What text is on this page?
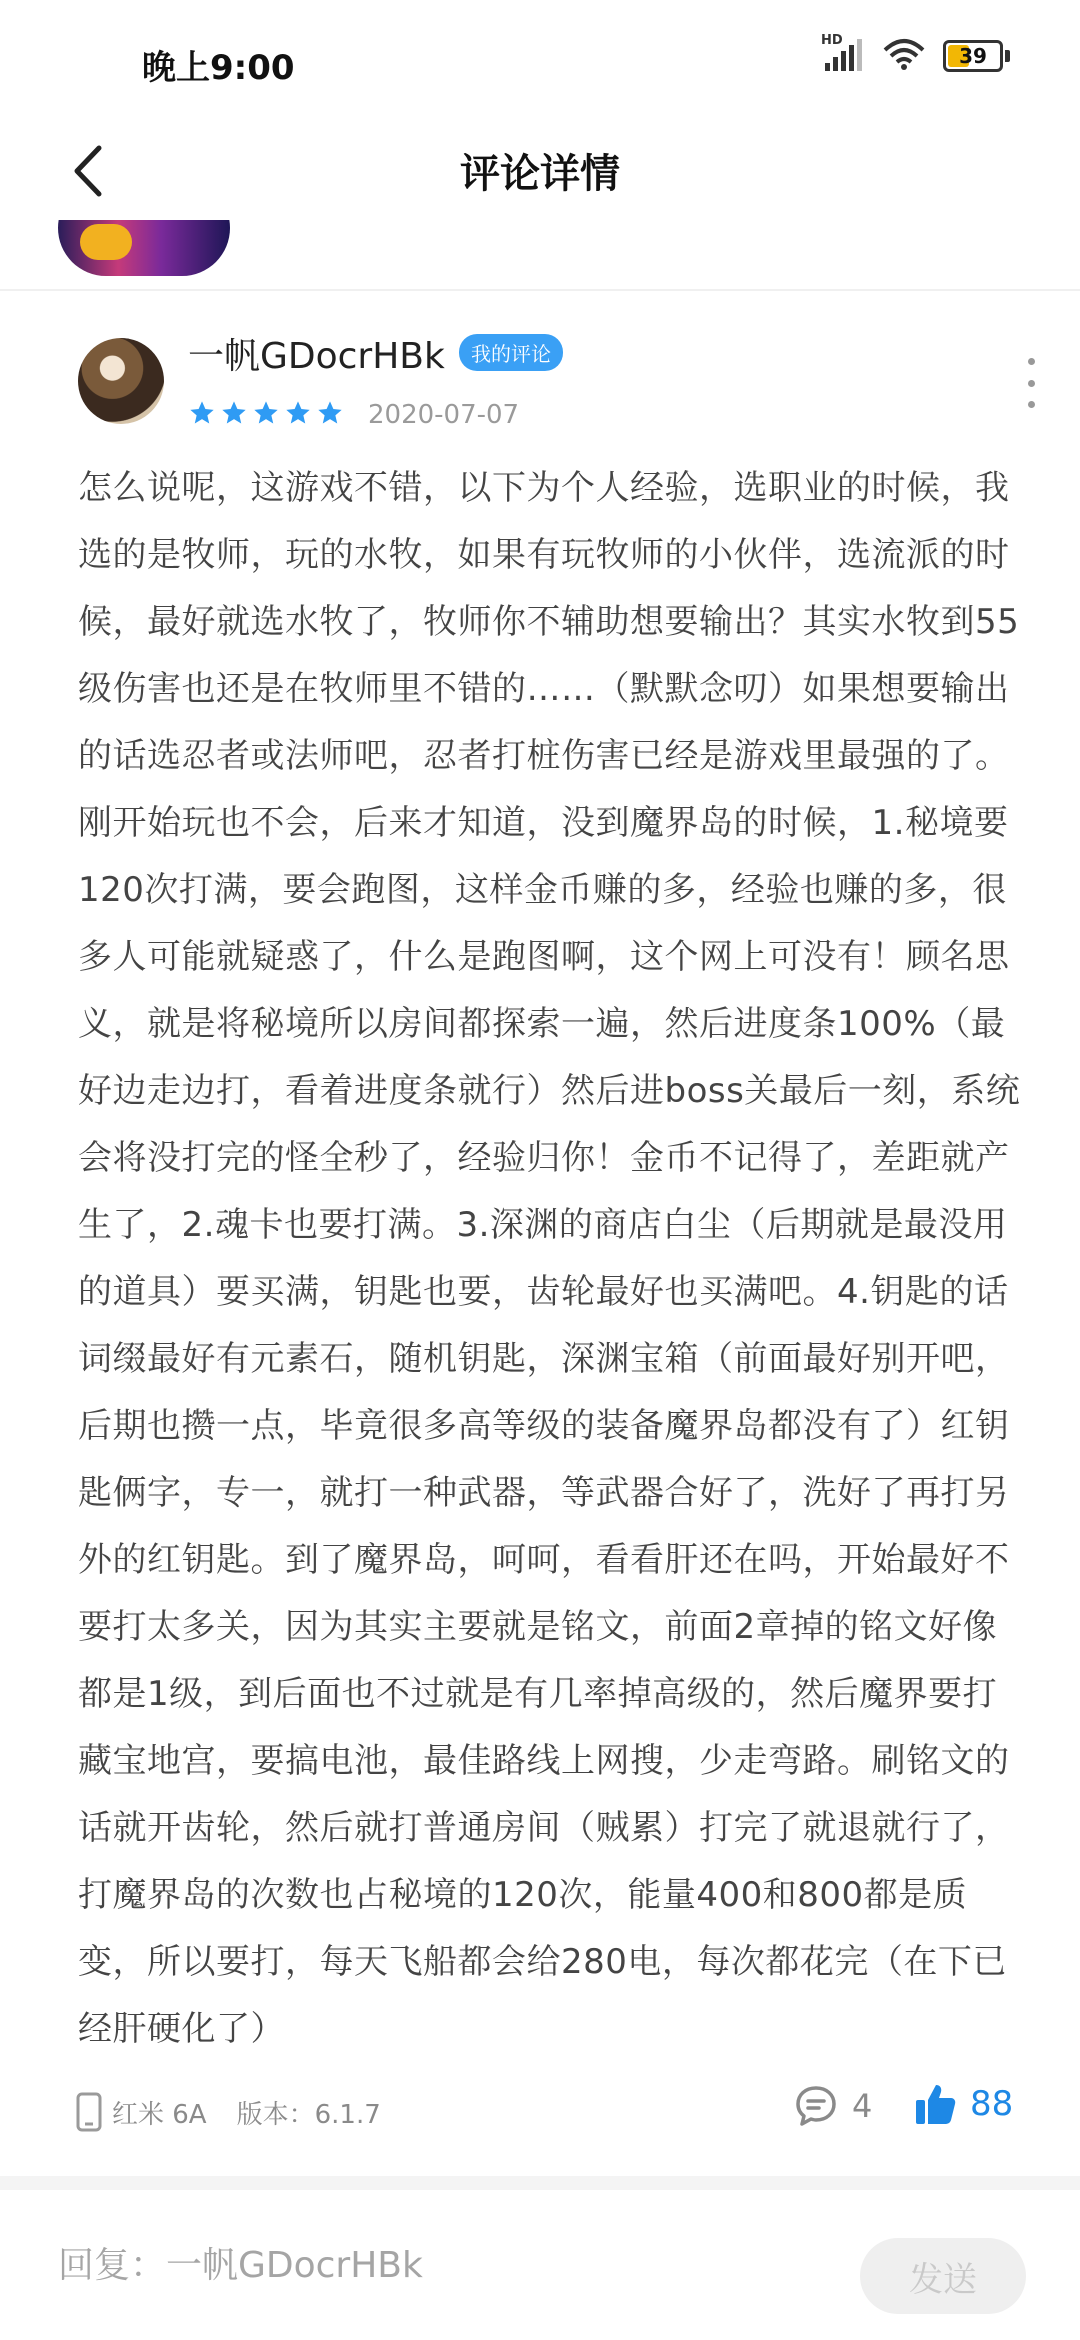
晚上9:00
HD
39
评论详情
一帆GDocrHBk	我的评论
2020-07-07
怎么说呢，这游戏不错，以下为个人经验，选职业的时候，我选的是牧师，玩的水牧，如果有玩牧师的小伙伴，选流派的时候，最好就选水牧了，牧师你不辅助想要输出？其实水牧到55级伤害也还是在牧师里不错的……（默默念叨）如果想要输出的话选忍者或法师吧，忍者打桩伤害已经是游戏里最强的了。刚开始玩也不会，后来才知道，没到魔界岛的时候，1.秘境要120次打满，要会跑图，这样金币赚的多，经验也赚的多，很多人可能就疑惑了，什么是跑图啊，这个网上可没有！顾名思义，就是将秘境所以房间都探索一遍，然后进度条100%（最好边走边打，看着进度条就行）然后进boss关最后一刻，系统会将没打完的怪全秒了，经验归你！金币不记得了，差距就产生了，2.魂卡也要打满。3.深渊的商店白尘（后期就是最没用的道具）要买满，钥匙也要，齿轮最好也买满吧。4.钥匙的话词缀最好有元素石，随机钥匙，深渊宝箱（前面最好别开吧，后期也攒一点，毕竟很多高等级的装备魔界岛都没有了）红钥匙俩字，专一，就打一种武器，等武器合好了，洗好了再打另外的红钥匙。到了魔界岛，呵呵，看看肝还在吗，开始最好不要打太多关，因为其实主要就是铭文，前面2章掉的铭文好像都是1级，到后面也不过就是有几率掉高级的，然后魔界要打藏宝地宫，要搞电池，最佳路线上网搜，少走弯路。刷铭文的话就开齿轮，然后就打普通房间（贼累）打完了就退就行了，打魔界岛的次数也占秘境的120次，能量400和800都是质变，所以要打，每天飞船都会给280电，每次都花完（在下已经肝硬化了）
红米 6A 版本：6.1.7	4	88
回复：一帆GDocrHBk
发送
